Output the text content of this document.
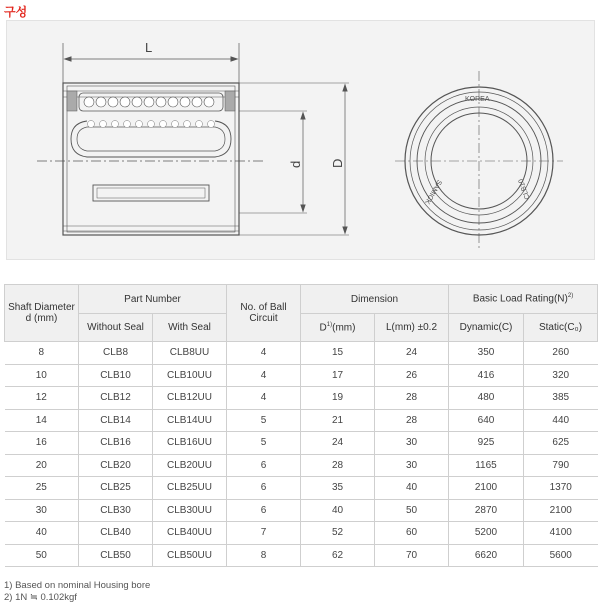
구성
L
d D
KOREA
SAMICK	CLB10
Shaft Diameter d (mm)	Part Number		No. of Ball Circuit	Dimension		Basic Load $Rating(N)^{2)}$
	Without Seal	With Seal		$D^{1)}(mm)$	L(mm) ±0.2	Dynamic(C)	Static(C₀)
8	CLB8	CLB8UU	4	15	24	350	260
10	CLB10	CLB10UU	4	17	26	416	320
12	CLB12	CLB12UU	4	19	28	480	385
14	CLB14	CLB14UU	5	21	28	640	440
16	CLB16	CLB16UU	5	24	30	925	625
20	CLB20	CLB20UU	6	28	30	1165	790
25	CLB25	CLB25UU	6	35	40	2100	1370
30	CLB30	CLB30UU	6	40	50	2870	2100
40	CLB40	CLB40UU	7	52	60	5200	4100
50	CLB50	CLB50UU	8	62	70	6620	5600
1) Based on nominal Housing bore
2) 1N ≒ 0.102kgf
